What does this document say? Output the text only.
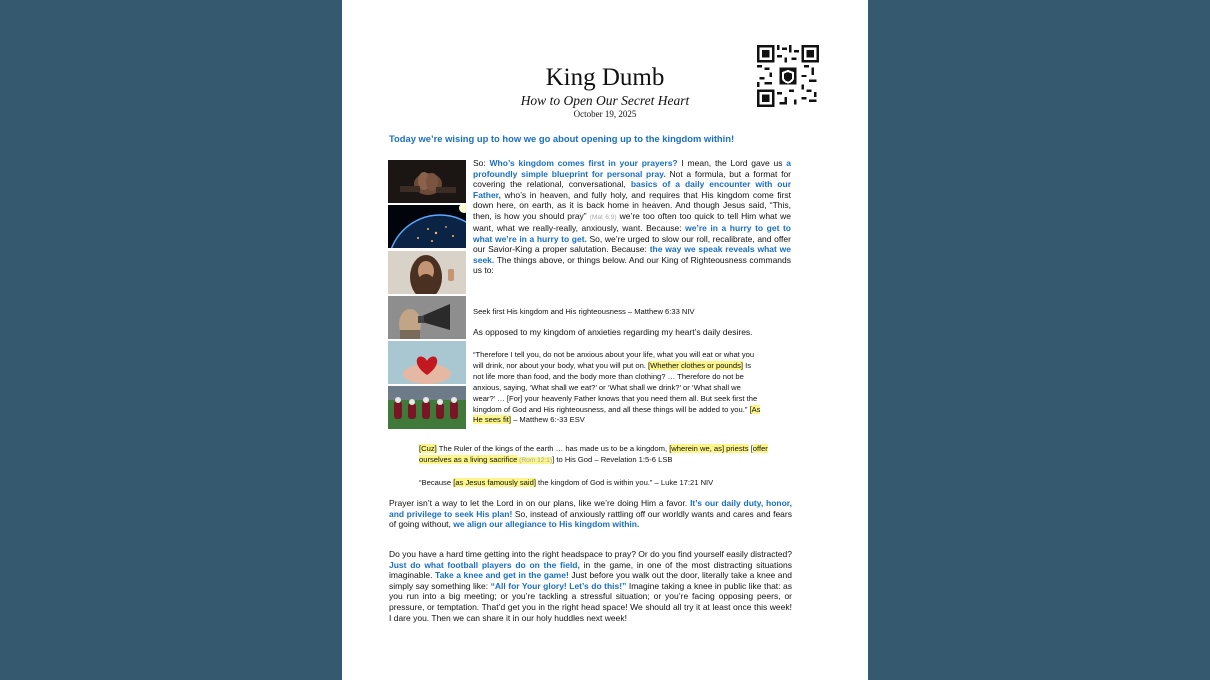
King Dumb
How to Open Our Secret Heart
October 19, 2025
Today we’re wising up to how we go about opening up to the kingdom within!
So: Who’s kingdom comes first in your prayers? I mean, the Lord gave us a profoundly simple blueprint for personal pray. Not a formula, but a format for covering the relational, conversational, basics of a daily encounter with our Father, who’s in heaven, and fully holy, and requires that His kingdom come first down here, on earth, as it is back home in heaven. And though Jesus said, “This, then, is how you should pray” (Mat 6:9) we’re too often too quick to tell Him what we want, what we really-really, anxiously, want. Because: we’re in a hurry to get to what we’re in a hurry to get. So, we’re urged to slow our roll, recalibrate, and offer our Savior-King a proper salutation. Because: the way we speak reveals what we seek. The things above, or things below. And our King of Righteousness commands us to:
Seek first His kingdom and His righteousness – Matthew 6:33 NIV
As opposed to my kingdom of anxieties regarding my heart’s daily desires.
“Therefore I tell you, do not be anxious about your life, what you will eat or what you will drink, nor about your body, what you will put on. [Whether clothes or pounds] Is not life more than food, and the body more than clothing? … Therefore do not be anxious, saying, ‘What shall we eat?’ or ‘What shall we drink?’ or ‘What shall we wear?’ … [For] your heavenly Father knows that you need them all. But seek first the kingdom of God and His righteousness, and all these things will be added to you.” [As He sees fit] – Matthew 6:-33 ESV
[Cuz] The Ruler of the kings of the earth … has made us to be a kingdom, [wherein we, as] priests [offer ourselves as a living sacrifice (Rom 12:1)] to His God – Revelation 1:5-6 LSB
“Because [as Jesus famously said] the kingdom of God is within you.” – Luke 17:21 NIV
Prayer isn’t a way to let the Lord in on our plans, like we’re doing Him a favor. It’s our daily duty, honor, and privilege to seek His plan! So, instead of anxiously rattling off our worldly wants and cares and fears of going without, we align our allegiance to His kingdom within.
Do you have a hard time getting into the right headspace to pray? Or do you find yourself easily distracted? Just do what football players do on the field, in the game, in one of the most distracting situations imaginable. Take a knee and get in the game! Just before you walk out the door, literally take a knee and simply say something like: “All for Your glory! Let’s do this!” Imagine taking a knee in public like that: as you run into a big meeting; or you’re tackling a stressful situation; or you’re facing opposing peers, or pressure, or temptation. That’d get you in the right head space! We should all try it at least once this week! I dare you. Then we can share it in our holy huddles next week!
